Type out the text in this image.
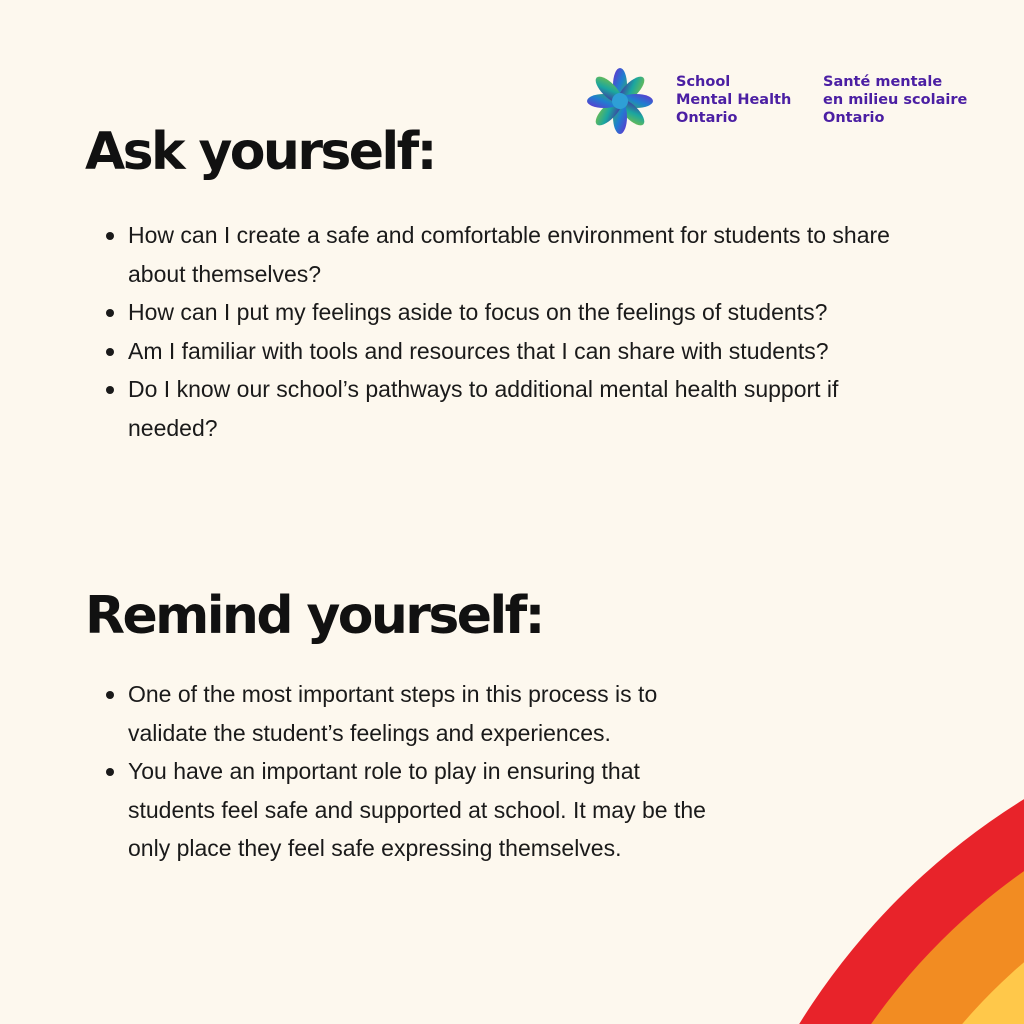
School
Mental Health
Ontario
Santé mentale
en milieu scolaire
Ontario
Ask yourself:
How can I create a safe and comfortable environment for students to share about themselves?
How can I put my feelings aside to focus on the feelings of students?
Am I familiar with tools and resources that I can share with students?
Do I know our school’s pathways to additional mental health support if needed?
Remind yourself:
One of the most important steps in this process is to validate the student’s feelings and experiences.
You have an important role to play in ensuring that students feel safe and supported at school. It may be the only place they feel safe expressing themselves.
